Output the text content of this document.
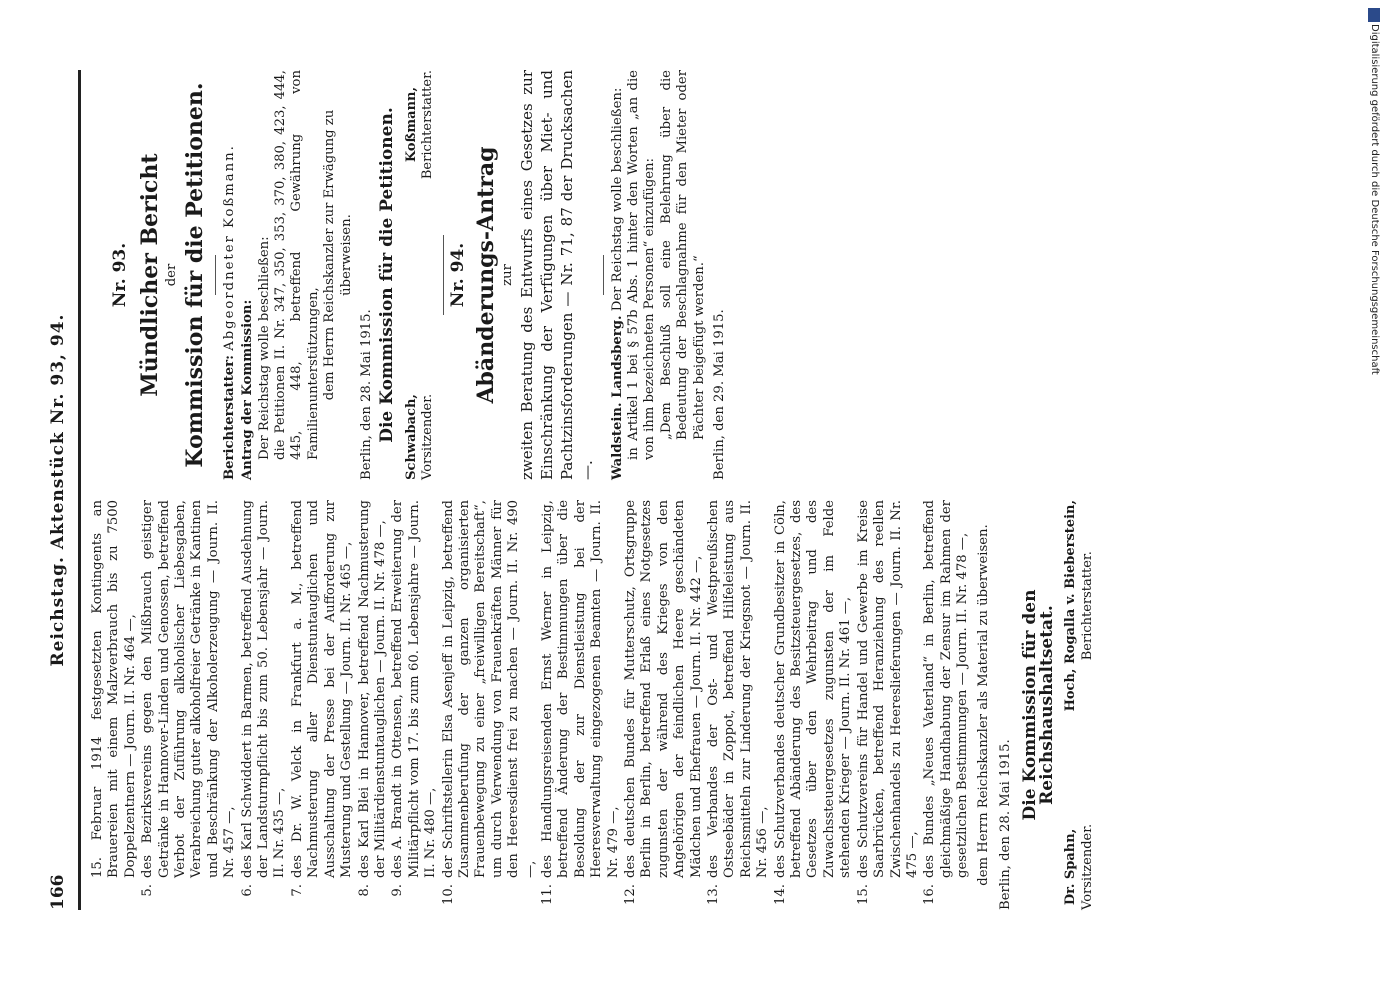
166
Reichstag. Aktenstück Nr. 93, 94.
15. Februar 1914 festgesetzten Kontingents an Brauereien mit einem Malzverbrauch bis zu 7500 Doppelzentnern — Journ. II. Nr. 464 —,
5.
des Bezirksvereins gegen den Mißbrauch geistiger Getränke in Hannover-Linden und Genossen, betreffend Verbot der Zuführung alkoholischer Liebesgaben, Verabreichung guter alkoholfreier Getränke in Kantinen und Beschränkung der Alkoholerzeugung — Journ. II. Nr. 457 —,
6.
des Karl Schwiddert in Barmen, betreffend Ausdehnung der Landsturmpflicht bis zum 50. Lebensjahr — Journ. II. Nr. 435 —,
7.
des Dr. W. Velck in Frankfurt a. M., betreffend Nachmusterung aller Dienstuntauglichen und Ausschaltung der Presse bei der Aufforderung zur Musterung und Gestellung — Journ. II. Nr. 465 —,
8.
des Karl Blei in Hannover, betreffend Nachmusterung der Militärdienstuntauglichen — Journ. II. Nr. 478 —,
9.
des A. Brandt in Ottensen, betreffend Erweiterung der Militärpflicht vom 17. bis zum 60. Lebensjahre — Journ. II. Nr. 480 —,
10.
der Schriftstellerin Elsa Asenjeff in Leipzig, betreffend Zusammenberufung der ganzen organisierten Frauenbewegung zu einer „freiwilligen Bereitschaft“, um durch Verwendung von Frauenkräften Männer für den Heeresdienst frei zu machen — Journ. II. Nr. 490 —,
11.
des Handlungsreisenden Ernst Werner in Leipzig, betreffend Änderung der Bestimmungen über die Besoldung der zur Dienstleistung bei der Heeresverwaltung eingezogenen Beamten — Journ. II. Nr. 479 —,
12.
des deutschen Bundes für Mutterschutz, Ortsgruppe Berlin in Berlin, betreffend Erlaß eines Notgesetzes zugunsten der während des Krieges von den Angehörigen der feindlichen Heere geschändeten Mädchen und Ehefrauen — Journ. II. Nr. 442 —,
13.
des Verbandes der Ost- und Westpreußischen Ostseebäder in Zoppot, betreffend Hilfeleistung aus Reichsmitteln zur Linderung der Kriegsnot — Journ. II. Nr. 456 —,
14.
des Schutzverbandes deutscher Grundbesitzer in Cöln, betreffend Abänderung des Besitzsteuergesetzes, des Gesetzes über den Wehrbeitrag und des Zuwachssteuergesetzes zugunsten der im Felde stehenden Krieger — Journ. II. Nr. 461 —,
15.
des Schutzvereins für Handel und Gewerbe im Kreise Saarbrücken, betreffend Heranziehung des reellen Zwischenhandels zu Heereslieferungen — Journ. II. Nr. 475 —,
16.
des Bundes „Neues Vaterland“ in Berlin, betreffend gleichmäßige Handhabung der Zensur im Rahmen der gesetzlichen Bestimmungen — Journ. II. Nr. 478 —, dem Herrn Reichskanzler als Material zu überweisen. Berlin, den 28. Mai 1915.
Die Kommission für den Reichshaushaltsetat.
Dr. Spahn, Vorsitzender.
Hoch, Rogalla v. Bieberstein, Berichterstatter.
Nr. 93. Mündlicher Bericht der Kommission für die Petitionen. Berichterstatter: Abgeordneter Koßmann.
Antrag der Kommission: Der Reichstag wolle beschließen: die Petitionen II. Nr. 347, 350, 353, 370, 380, 423, 444, 445, 448, betreffend Gewährung von Familienunterstützungen, dem Herrn Reichskanzler zur Erwägung zu überweisen.
Berlin, den 28. Mai 1915. Die Kommission für die Petitionen. Schwabach, Vorsitzender.
Koßmann, Berichterstatter.
Nr. 94. Abänderungs-Antrag zur zweiten Beratung des Entwurfs eines Gesetzes zur Einschränkung der Verfügungen über Miet- und Pachtzinsforderungen — Nr. 71, 87 der Drucksachen —. Waldstein. Landsberg. Der Reichstag wolle beschließen: in Artikel 1 bei § 57b Abs. 1 hinter den Worten „an die von ihm bezeichneten Personen“ einzufügen: „Dem Beschluß soll eine Belehrung über die Bedeutung der Beschlagnahme für den Mieter oder Pächter beigefügt werden.“ Berlin, den 29. Mai 1915.
Digitalisierung gefördert durch die Deutsche Forschungsgemeinschaft
